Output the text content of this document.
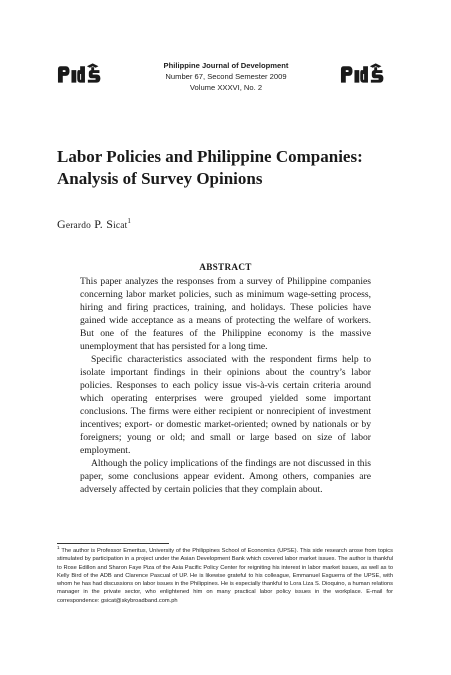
Philippine Journal of Development
Number 67, Second Semester 2009
Volume XXXVI, No. 2
Labor Policies and Philippine Companies:
Analysis of Survey Opinions
Gerardo P. Sicat$^1$
ABSTRACT

This paper analyzes the responses from a survey of Philippine companies concerning labor market policies, such as minimum wage-setting process, hiring and firing practices, training, and holidays. These policies have gained wide acceptance as a means of protecting the welfare of workers. But one of the features of the Philippine economy is the massive unemployment that has persisted for a long time.

Specific characteristics associated with the respondent firms help to isolate important findings in their opinions about the country’s labor policies. Responses to each policy issue vis-à-vis certain criteria around which operating enterprises were grouped yielded some important conclusions. The firms were either recipient or nonrecipient of investment incentives; export- or domestic market-oriented; owned by nationals or by foreigners; young or old; and small or large based on size of labor employment.

Although the policy implications of the findings are not discussed in this paper, some conclusions appear evident. Among others, companies are adversely affected by certain policies that they complain about.

$^1$ The author is Professor Emeritus, University of the Philippines School of Economics (UPSE). This side research arose from topics stimulated by participation in a project under the Asian Development Bank which covered labor market issues. The author is thankful to Rose Edillon and Sharon Faye Piza of the Asia Pacific Policy Center for reigniting his interest in labor market issues, as well as to Kelly Bird of the ADB and Clarence Pascual of UP. He is likewise grateful to his colleague, Emmanuel Esguerra of the UPSE, with whom he has had discussions on labor issues in the Philippines. He is especially thankful to Lora Liza S. Dioquino, a human relations manager in the private sector, who enlightened him on many practical labor policy issues in the workplace. E-mail for correspondence: gsicat@skybroadband.com.ph
